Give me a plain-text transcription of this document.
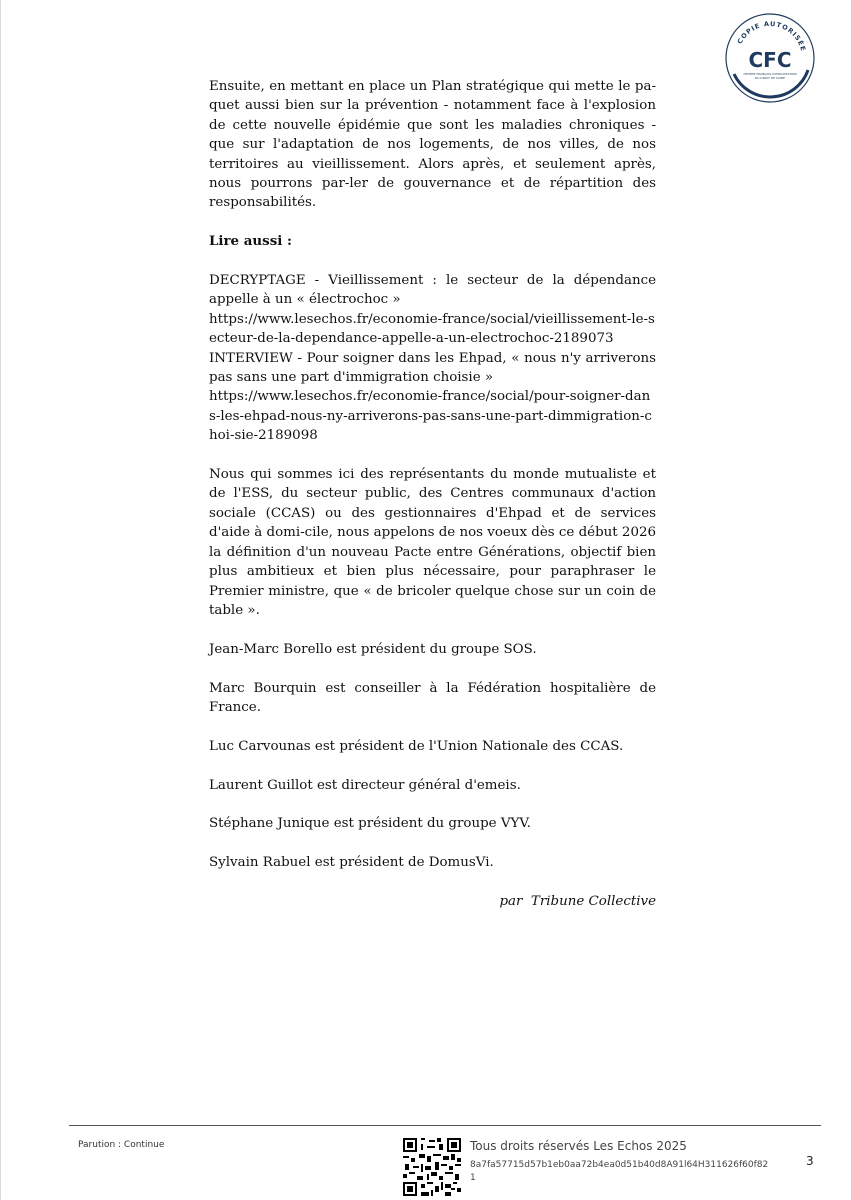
COPIE AUTORISÉE
CFC
CENTRE FRANÇAIS D'EXPLOITATION
DU DROIT DE COPIE

Ensuite, en mettant en place un Plan stratégique qui mette le pa-quet aussi bien sur la prévention - notamment face à l'explosion de cette nouvelle épidémie que sont les maladies chroniques - que sur l'adaptation de nos logements, de nos villes, de nos territoires au vieillissement. Alors après, et seulement après, nous pourrons par-ler de gouvernance et de répartition des responsabilités.

Lire aussi :

DECRYPTAGE - Vieillissement : le secteur de la dépendance appelle à un « électrochoc »

https://www.lesechos.fr/economie-france/social/vieillissement-le-secteur-de-la-dependance-appelle-a-un-electrochoc-2189073

INTERVIEW - Pour soigner dans les Ehpad, « nous n'y arriverons pas sans une part d'immigration choisie »

https://www.lesechos.fr/economie-france/social/pour-soigner-dans-les-ehpad-nous-ny-arriverons-pas-sans-une-part-dimmigration-choi-sie-2189098

Nous qui sommes ici des représentants du monde mutualiste et de l'ESS, du secteur public, des Centres communaux d'action sociale (CCAS) ou des gestionnaires d'Ehpad et de services d'aide à domi-cile, nous appelons de nos voeux dès ce début 2026 la définition d'un nouveau Pacte entre Générations, objectif bien plus ambitieux et bien plus nécessaire, pour paraphraser le Premier ministre, que « de bricoler quelque chose sur un coin de table ».

Jean-Marc Borello est président du groupe SOS.

Marc Bourquin est conseiller à la Fédération hospitalière de France.

Luc Carvounas est président de l'Union Nationale des CCAS.

Laurent Guillot est directeur général d'emeis.

Stéphane Junique est président du groupe VYV.

Sylvain Rabuel est président de DomusVi.

par  Tribune Collective

Parution : Continue	Tous droits réservés Les Echos 2025
8a7fa57715d57b1eb0aa72b4ea0d51b40d8A91l64H311626f60f821
3
